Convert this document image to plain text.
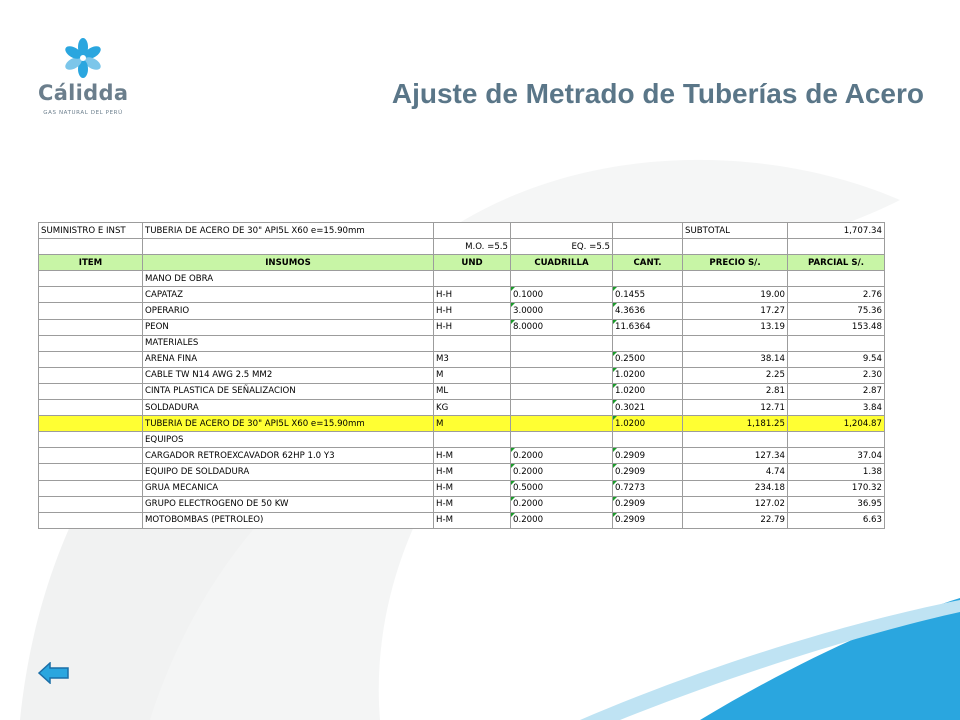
Cálidda
GAS NATURAL DEL PERÚ
Ajuste de Metrado de Tuberías de Acero
SUMINISTRO E INST	TUBERIA DE ACERO DE 30" API5L X60 e=15.90mm				SUBTOTAL	1,707.34
		M.O. =5.5	EQ. =5.5			
ITEM	INSUMOS	UND	CUADRILLA	CANT.	PRECIO S/.	PARCIAL S/.
	MANO DE OBRA					
	CAPATAZ	H-H	0.1000	0.1455	19.00	2.76
	OPERARIO	H-H	3.0000	4.3636	17.27	75.36
	PEON	H-H	8.0000	11.6364	13.19	153.48
	MATERIALES					
	ARENA FINA	M3		0.2500	38.14	9.54
	CABLE TW N14 AWG 2.5 MM2	M		1.0200	2.25	2.30
	CINTA PLASTICA DE SEÑALIZACION	ML		1.0200	2.81	2.87
	SOLDADURA	KG		0.3021	12.71	3.84
	TUBERIA DE ACERO DE 30" API5L X60 e=15.90mm	M		1.0200	1,181.25	1,204.87
	EQUIPOS					
	CARGADOR RETROEXCAVADOR 62HP 1.0 Y3	H-M	0.2000	0.2909	127.34	37.04
	EQUIPO DE SOLDADURA	H-M	0.2000	0.2909	4.74	1.38
	GRUA MECANICA	H-M	0.5000	0.7273	234.18	170.32
	GRUPO ELECTROGENO DE 50 KW	H-M	0.2000	0.2909	127.02	36.95
	MOTOBOMBAS (PETROLEO)	H-M	0.2000	0.2909	22.79	6.63
